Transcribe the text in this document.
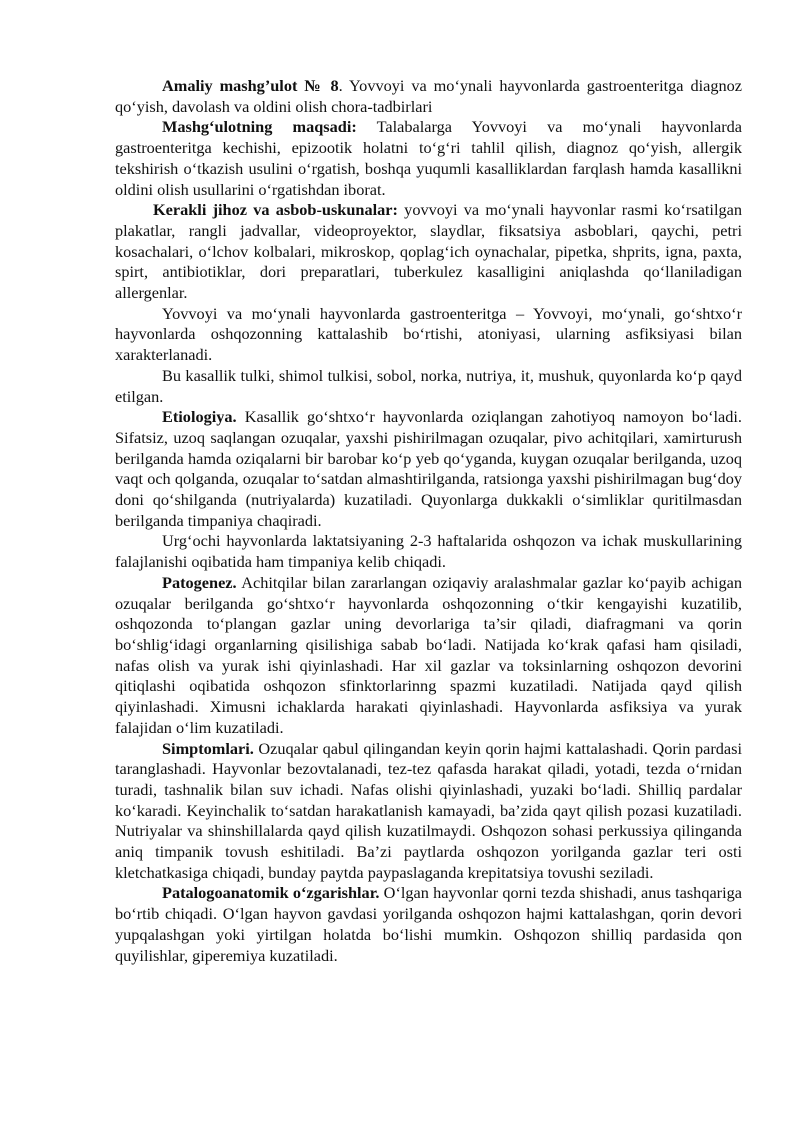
Amaliy mashg’ulot № 8. Yovvoyi va mo‘ynali hayvonlarda gastroenteritga diagnoz qo‘yish, davolash va oldini olish chora-tadbirlari

Mashg‘ulotning maqsadi: Talabalarga Yovvoyi va mo‘ynali hayvonlarda gastroenteritga kechishi, epizootik holatni to‘g‘ri tahlil qilish, diagnoz qo‘yish, allergik tekshirish o‘tkazish usulini o‘rgatish, boshqa yuqumli kasalliklardan farqlash hamda kasallikni oldini olish usullarini o‘rgatishdan iborat.

Kerakli jihoz va asbob-uskunalar: yovvoyi va mo‘ynali hayvonlar rasmi ko‘rsatilgan plakatlar, rangli jadvallar, videoproyektor, slaydlar, fiksatsiya asboblari, qaychi, petri kosachalari, o‘lchov kolbalari, mikroskop, qoplag‘ich oynachalar, pipetka, shprits, igna, paxta, spirt, antibiotiklar, dori preparatlari, tuberkulez kasalligini aniqlashda qo‘llaniladigan allergenlar.

Yovvoyi va mo‘ynali hayvonlarda gastroenteritga – Yovvoyi, mo‘ynali, go‘shtxo‘r hayvonlarda oshqozonning kattalashib bo‘rtishi, atoniyasi, ularning asfiksiyasi bilan xarakterlanadi.

Bu kasallik tulki, shimol tulkisi, sobol, norka, nutriya, it, mushuk, quyonlarda ko‘p qayd etilgan.

Etiologiya. Kasallik go‘shtxo‘r hayvonlarda oziqlangan zahotiyoq namoyon bo‘ladi. Sifatsiz, uzoq saqlangan ozuqalar, yaxshi pishirilmagan ozuqalar, pivo achitqilari, xamirturush berilganda hamda oziqalarni bir barobar ko‘p yeb qo‘yganda, kuygan ozuqalar berilganda, uzoq vaqt och qolganda, ozuqalar to‘satdan almashtirilganda, ratsionga yaxshi pishirilmagan bug‘doy doni qo‘shilganda (nutriyalarda) kuzatiladi. Quyonlarga dukkakli o‘simliklar quritilmasdan berilganda timpaniya chaqiradi.

Urg‘ochi hayvonlarda laktatsiyaning 2-3 haftalarida oshqozon va ichak muskullarining falajlanishi oqibatida ham timpaniya kelib chiqadi.

Patogenez. Achitqilar bilan zararlangan oziqaviy aralashmalar gazlar ko‘payib achigan ozuqalar berilganda go‘shtxo‘r hayvonlarda oshqozonning o‘tkir kengayishi kuzatilib, oshqozonda to‘plangan gazlar uning devorlariga ta’sir qiladi, diafragmani va qorin bo‘shlig‘idagi organlarning qisilishiga sabab bo‘ladi. Natijada ko‘krak qafasi ham qisiladi, nafas olish va yurak ishi qiyinlashadi. Har xil gazlar va toksinlarning oshqozon devorini qitiqlashi oqibatida oshqozon sfinktorlarinng spazmi kuzatiladi. Natijada qayd qilish qiyinlashadi. Ximusni ichaklarda harakati qiyinlashadi. Hayvonlarda asfiksiya va yurak falajidan o‘lim kuzatiladi.

Simptomlari. Ozuqalar qabul qilingandan keyin qorin hajmi kattalashadi. Qorin pardasi taranglashadi. Hayvonlar bezovtalanadi, tez-tez qafasda harakat qiladi, yotadi, tezda o‘rnidan turadi, tashnalik bilan suv ichadi. Nafas olishi qiyinlashadi, yuzaki bo‘ladi. Shilliq pardalar ko‘karadi. Keyinchalik to‘satdan harakatlanish kamayadi, ba’zida qayt qilish pozasi kuzatiladi. Nutriyalar va shinshillalarda qayd qilish kuzatilmaydi. Oshqozon sohasi perkussiya qilinganda aniq timpanik tovush eshitiladi. Ba’zi paytlarda oshqozon yorilganda gazlar teri osti kletchatkasiga chiqadi, bunday paytda paypaslaganda krepitatsiya tovushi seziladi.

Patalogoanatomik o‘zgarishlar. O‘lgan hayvonlar qorni tezda shishadi, anus tashqariga bo‘rtib chiqadi. O‘lgan hayvon gavdasi yorilganda oshqozon hajmi kattalashgan, qorin devori yupqalashgan yoki yirtilgan holatda bo‘lishi mumkin. Oshqozon shilliq pardasida qon quyilishlar, gipеremiya kuzatiladi.
